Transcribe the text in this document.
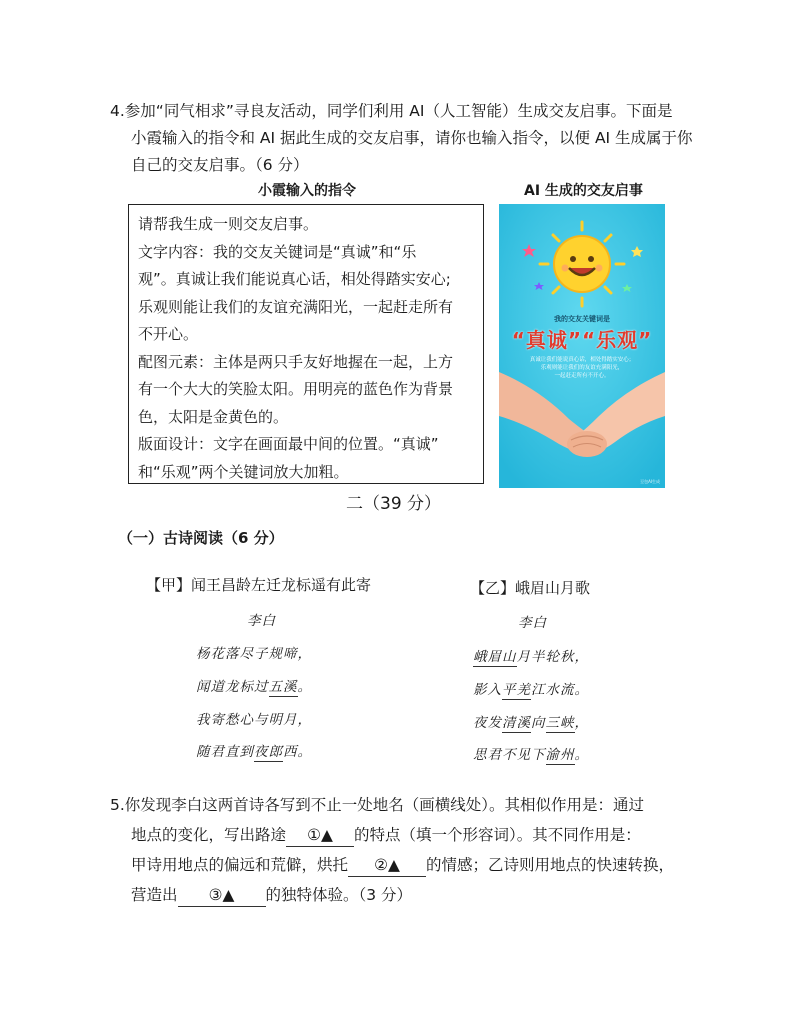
4.参加“同气相求”寻良友活动，同学们利用 AI（人工智能）生成交友启事。下面是
小霞输入的指令和 AI 据此生成的交友启事，请你也输入指令，以便 AI 生成属于你
自己的交友启事。（6 分）
小霞输入的指令	AI 生成的交友启事
请帮我生成一则交友启事。
文字内容：我的交友关键词是“真诚”和“乐
观”。真诚让我们能说真心话，相处得踏实安心;
乐观则能让我们的友谊充满阳光，一起赶走所有
不开心。
配图元素：主体是两只手友好地握在一起，上方
有一个大大的笑脸太阳。用明亮的蓝色作为背景
色，太阳是金黄色的。
版面设计：文字在画面最中间的位置。“真诚”
和“乐观”两个关键词放大加粗。
我的交友关键词是
“真诚”“乐观”
真诚让我们能说真心话，相处得踏实安心；
乐观则能让我们的友谊充满阳光，
一起赶走所有不开心。
豆包AI生成
二（39 分）
（一）古诗阅读（6 分）
【甲】闻王昌龄左迁龙标遥有此寄
李白
杨花落尽子规啼，
闻道龙标过五溪。
我寄愁心与明月，
随君直到夜郎西。
【乙】峨眉山月歌
李白
峨眉山月半轮秋，
影入平羌江水流。
夜发清溪向三峡，
思君不见下渝州。
5.你发现李白这两首诗各写到不止一处地名（画横线处）。其相似作用是：通过
地点的变化，写出路途 ①▲ 的特点（填一个形容词）。其不同作用是：
甲诗用地点的偏远和荒僻，烘托 ②▲ 的情感；乙诗则用地点的快速转换，
营造出 ③▲ 的独特体验。（3 分）
